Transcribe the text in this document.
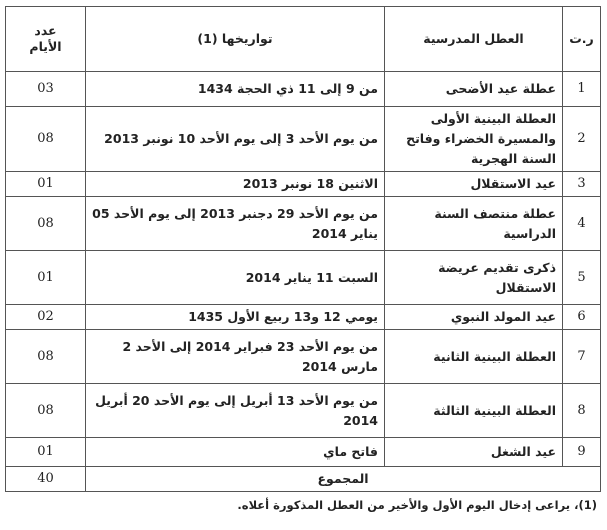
ر.ت	العطل المدرسية	تواريخها (1)	عدد
الأيام
1	عطلة عيد الأضحى	من 9 إلى 11 ذي الحجة 1434	03
2	العطلة البينية الأولى والمسيرة الخضراء وفاتح السنة الهجرية	من يوم الأحد 3 إلى يوم الأحد 10 نونبر 2013	08
3	عيد الاستقلال	الاثنين 18 نونبر 2013	01
4	عطلة منتصف السنة الدراسية	من يوم الأحد 29 دجنبر 2013 إلى يوم الأحد 05 يناير 2014	08
5	ذكرى تقديم عريضة الاستقلال	السبت 11 يناير 2014	01
6	عيد المولد النبوي	يومي 12 و13 ربيع الأول 1435	02
7	العطلة البينية الثانية	من يوم الأحد 23 فبراير 2014 إلى الأحد 2 مارس 2014	08
8	العطلة البينية الثالثة	من يوم الأحد 13 أبريل إلى يوم الأحد 20 أبريل 2014	08
9	عيد الشغل	فاتح ماي	01
المجموع			40
(1)، يراعى إدخال اليوم الأول والأخير من العطل المذكورة أعلاه.
